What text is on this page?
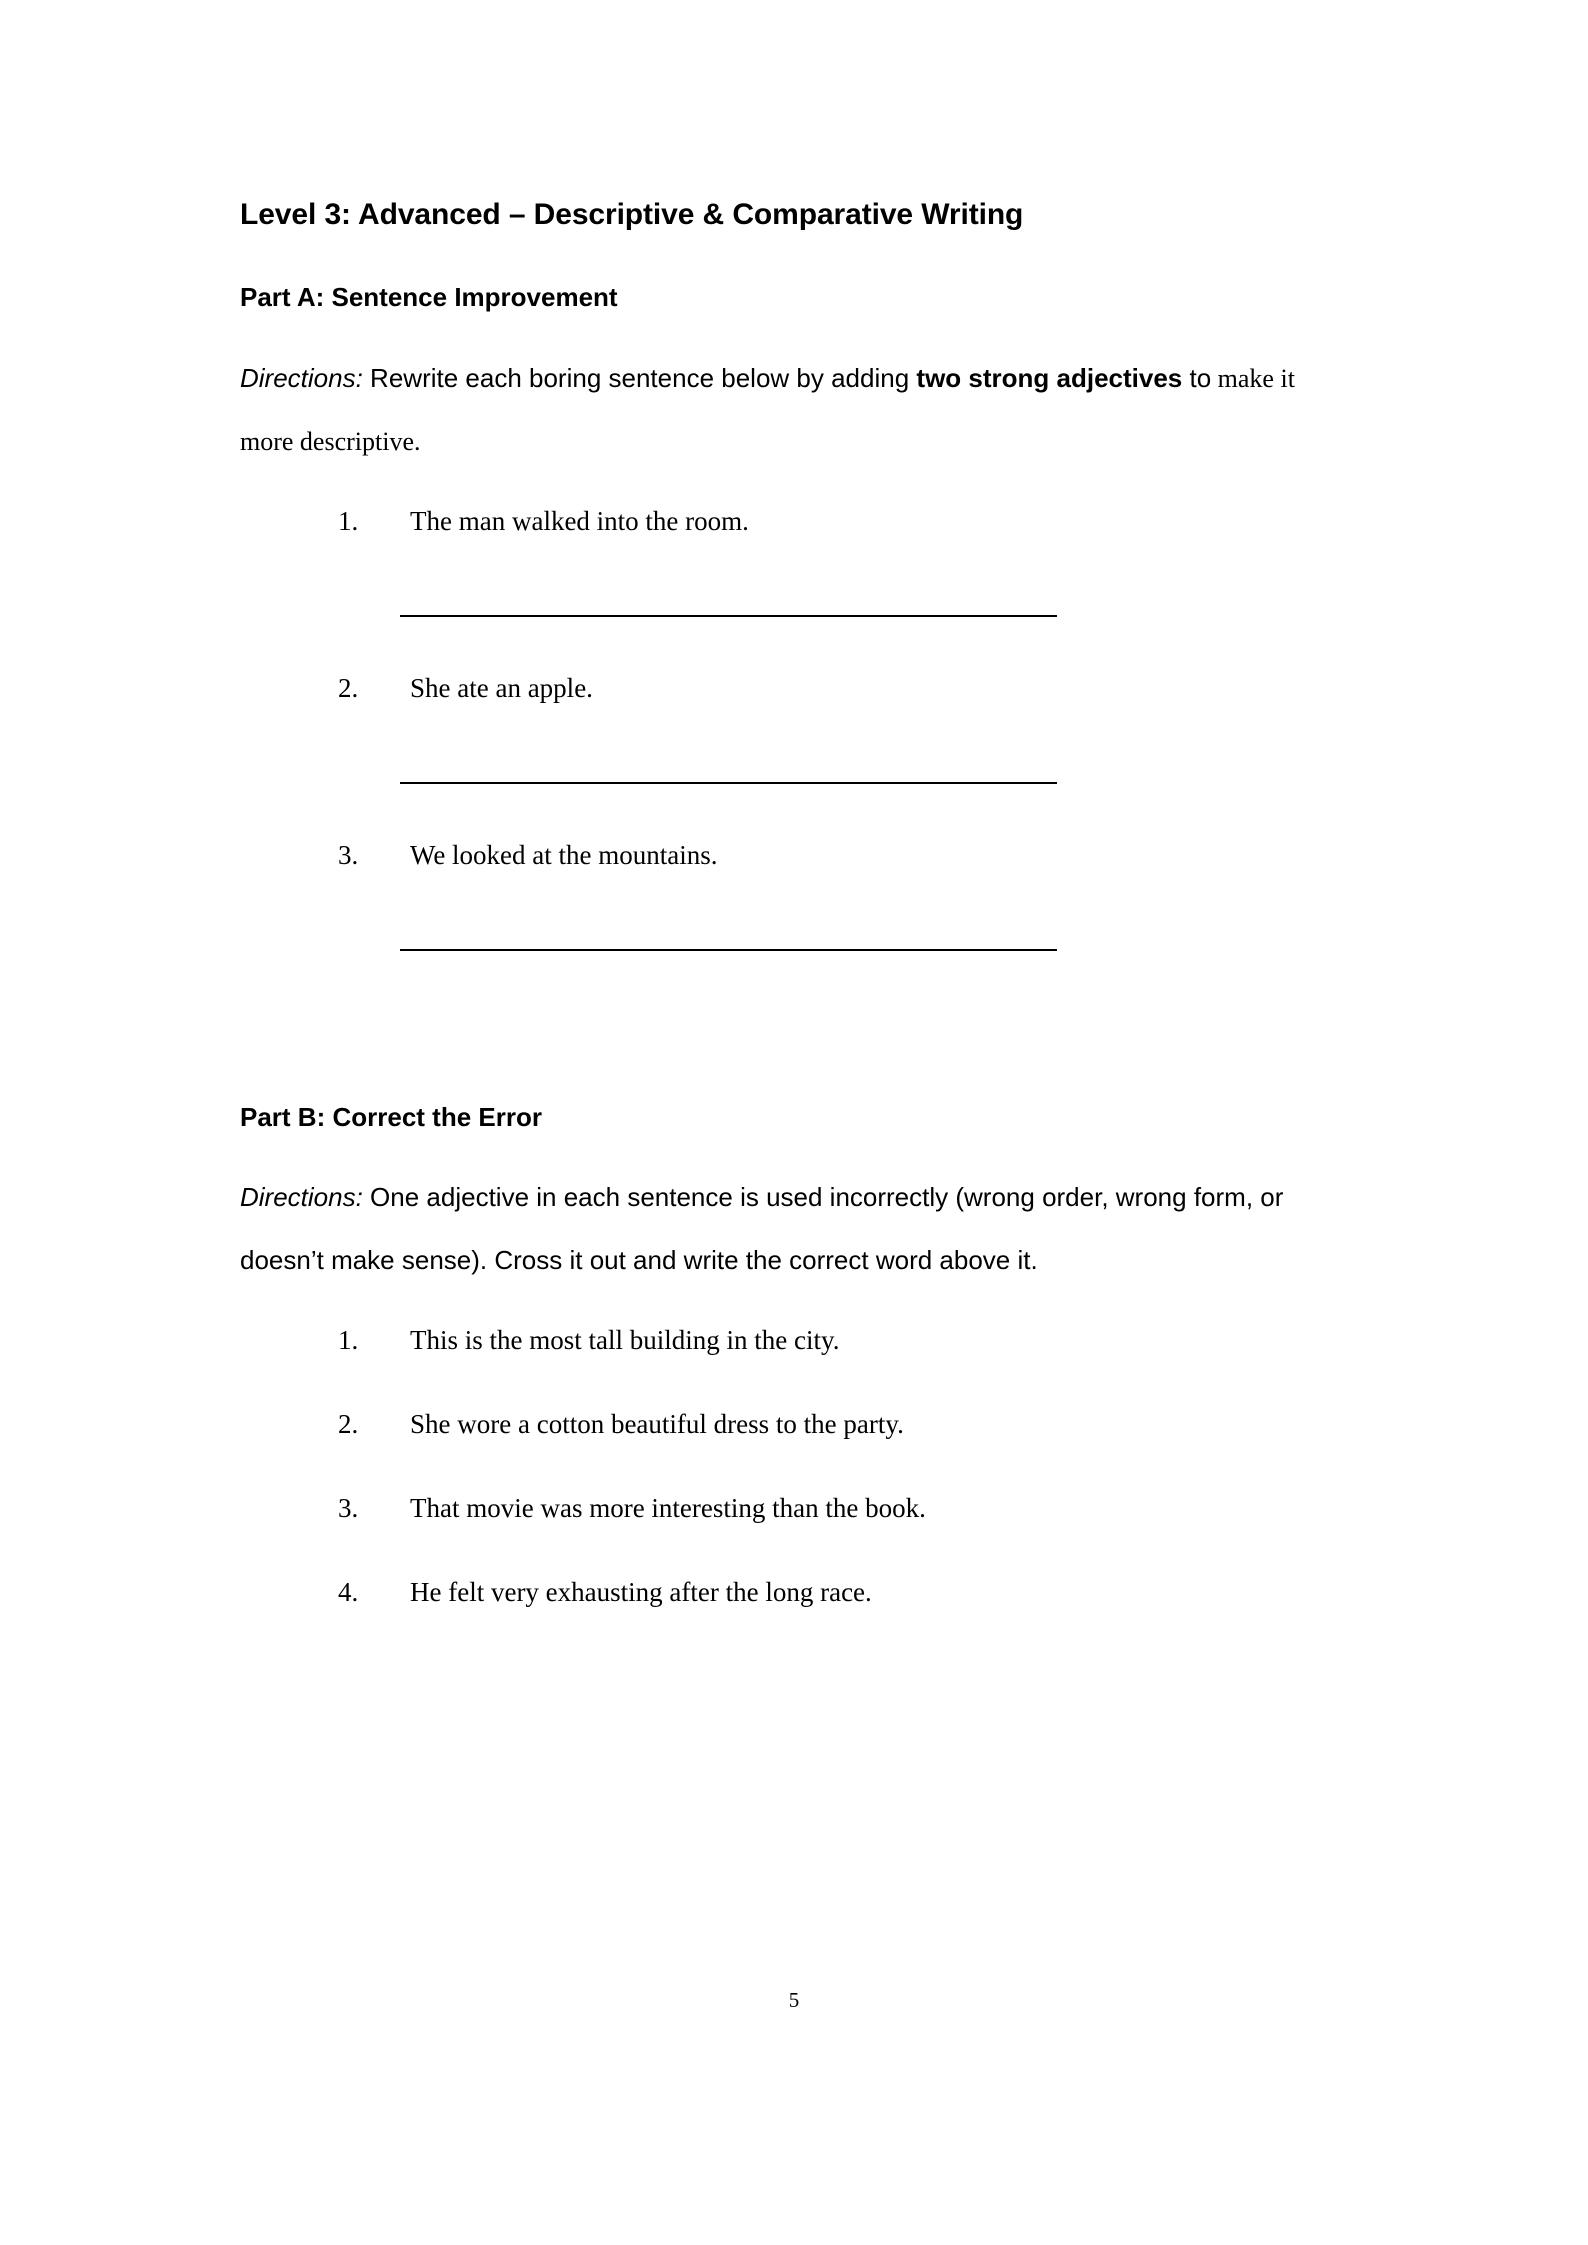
Level 3: Advanced – Descriptive & Comparative Writing
Part A: Sentence Improvement

Directions: Rewrite each boring sentence below by adding two strong adjectives to make it more descriptive.

1.	The man walked into the room.
2.	She ate an apple.
3.	We looked at the mountains.
Part B: Correct the Error

Directions: One adjective in each sentence is used incorrectly (wrong order, wrong form, or doesn’t make sense). Cross it out and write the correct word above it.

1.	This is the most tall building in the city.
2.	She wore a cotton beautiful dress to the party.
3.	That movie was more interesting than the book.
4.	He felt very exhausting after the long race.
5
